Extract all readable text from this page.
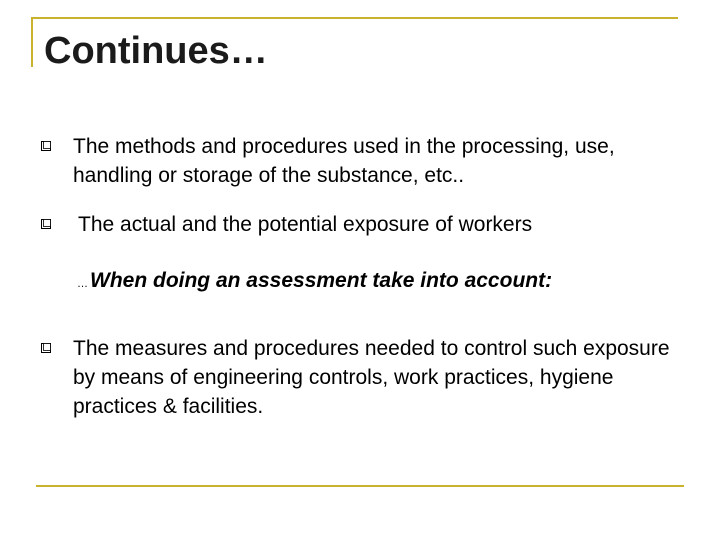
Continues…
The methods and procedures used in the processing, use, handling or storage of the substance, etc..
The actual and the potential exposure of workers
…When doing an assessment take into account:
The measures and procedures needed to control such exposure by means of engineering controls, work practices, hygiene practices & facilities.
